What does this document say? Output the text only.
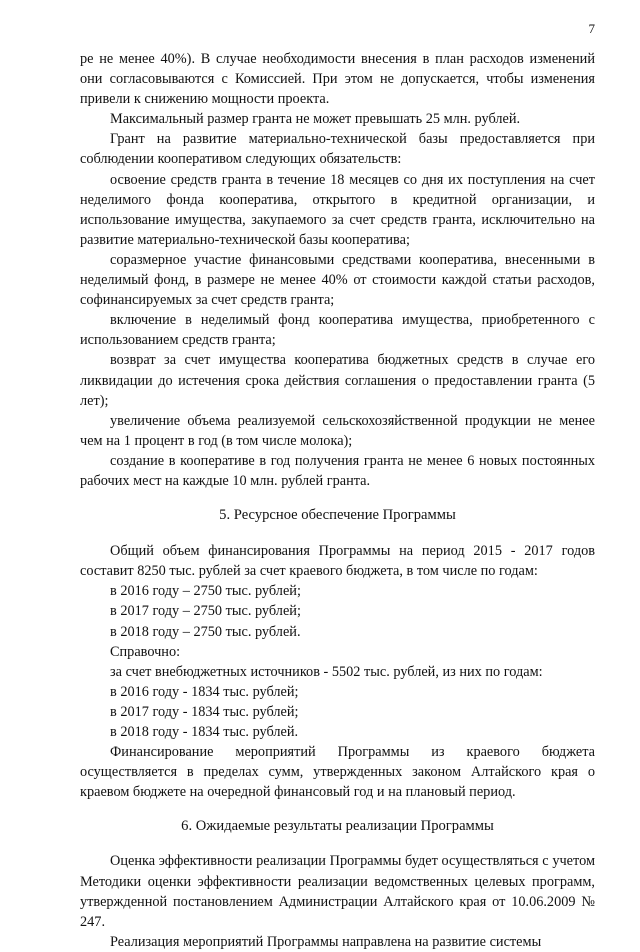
7

ре не менее 40%). В случае необходимости внесения в план расходов изменений они согласовываются с Комиссией. При этом не допускается, чтобы изменения привели к снижению мощности проекта.

Максимальный размер гранта не может превышать 25 млн. рублей.

Грант на развитие материально-технической базы предоставляется при соблюдении кооперативом следующих обязательств:

освоение средств гранта в течение 18 месяцев со дня их поступления на счет неделимого фонда кооператива, открытого в кредитной организации, и использование имущества, закупаемого за счет средств гранта, исключительно на развитие материально-технической базы кооператива;

соразмерное участие финансовыми средствами кооператива, внесенными в неделимый фонд, в размере не менее 40% от стоимости каждой статьи расходов, софинансируемых за счет средств гранта;

включение в неделимый фонд кооператива имущества, приобретенного с использованием средств гранта;

возврат за счет имущества кооператива бюджетных средств в случае его ликвидации до истечения срока действия соглашения о предоставлении гранта (5 лет);

увеличение объема реализуемой сельскохозяйственной продукции не менее чем на 1 процент в год (в том числе молока);

создание в кооперативе в год получения гранта не менее 6 новых постоянных рабочих мест на каждые 10 млн. рублей гранта.

5. Ресурсное обеспечение Программы

Общий объем финансирования Программы на период 2015 - 2017 годов составит 8250 тыс. рублей за счет краевого бюджета, в том числе по годам:

в 2016 году – 2750 тыс. рублей;

в 2017 году – 2750 тыс. рублей;

в 2018 году – 2750 тыс. рублей.

Справочно:

за счет внебюджетных источников - 5502 тыс. рублей, из них по годам:

в 2016 году - 1834 тыс. рублей;

в 2017 году - 1834 тыс. рублей;

в 2018 году - 1834 тыс. рублей.

Финансирование мероприятий Программы из краевого бюджета осуществляется в пределах сумм, утвержденных законом Алтайского края о краевом бюджете на очередной финансовый год и на плановый период.

6. Ожидаемые результаты реализации Программы

Оценка эффективности реализации Программы будет осуществляться с учетом Методики оценки эффективности реализации ведомственных целевых программ, утвержденной постановлением Администрации Алтайского края от 10.06.2009 № 247.

Реализация мероприятий Программы направлена на развитие системы
